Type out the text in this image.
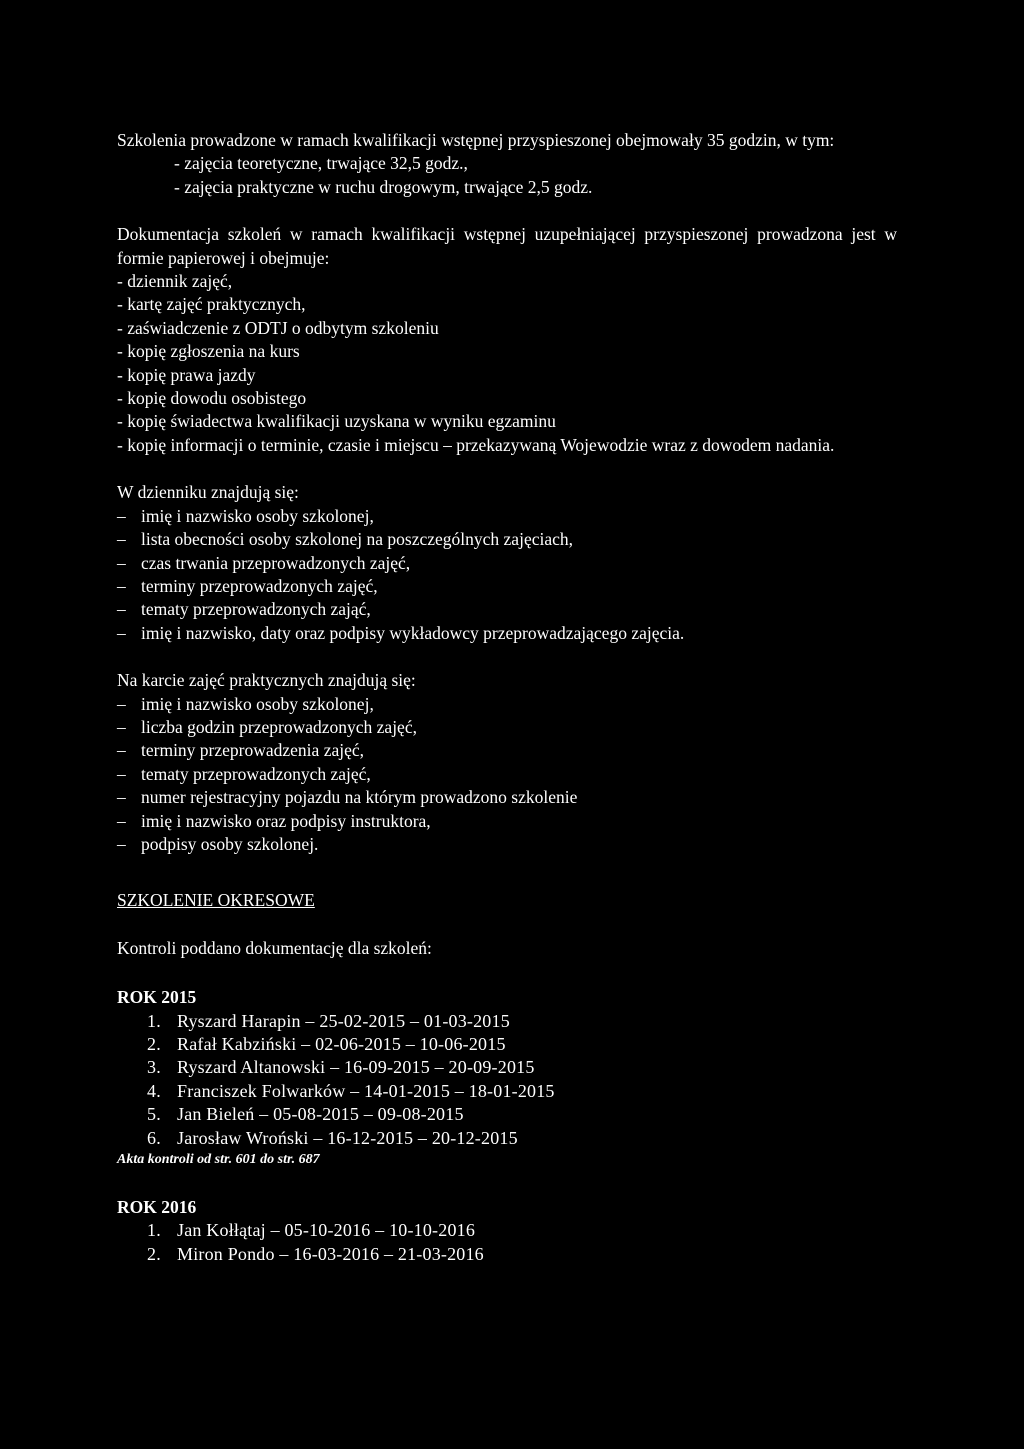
Szkolenia prowadzone w ramach kwalifikacji wstępnej przyspieszonej obejmowały 35 godzin, w tym:

- zajęcia teoretyczne, trwające 32,5 godz.,
- zajęcia praktyczne w ruchu drogowym, trwające 2,5 godz.

Dokumentacja szkoleń w ramach kwalifikacji wstępnej uzupełniającej przyspieszonej prowadzona jest w formie papierowej i obejmuje:

- dziennik zajęć,
- kartę zajęć praktycznych,
- zaświadczenie z ODTJ o odbytym szkoleniu
- kopię zgłoszenia na kurs
- kopię prawa jazdy
- kopię dowodu osobistego
- kopię świadectwa kwalifikacji uzyskana w wyniku egzaminu
- kopię informacji o terminie, czasie i miejscu – przekazywaną Wojewodzie wraz z dowodem nadania.

W dzienniku znajdują się:

– imię i nazwisko osoby szkolonej,
– lista obecności osoby szkolonej na poszczególnych zajęciach,
– czas trwania przeprowadzonych zajęć,
– terminy przeprowadzonych zajęć,
– tematy przeprowadzonych zająć,
– imię i nazwisko, daty oraz podpisy wykładowcy przeprowadzającego zajęcia.

Na karcie zajęć praktycznych znajdują się:

– imię i nazwisko osoby szkolonej,
– liczba godzin przeprowadzonych zajęć,
– terminy przeprowadzenia zajęć,
– tematy przeprowadzonych zajęć,
– numer rejestracyjny pojazdu na którym prowadzono szkolenie
– imię i nazwisko oraz podpisy instruktora,
– podpisy osoby szkolonej.

SZKOLENIE OKRESOWE

Kontroli poddano dokumentację dla szkoleń:

ROK 2015

1. Ryszard Harapin – 25-02-2015 – 01-03-2015
2. Rafał Kabziński – 02-06-2015 – 10-06-2015
3. Ryszard Altanowski – 16-09-2015 – 20-09-2015
4. Franciszek Folwarków – 14-01-2015 – 18-01-2015
5. Jan Bieleń – 05-08-2015 – 09-08-2015
6. Jarosław Wroński – 16-12-2015 – 20-12-2015

Akta kontroli od str. 601 do str. 687

ROK 2016

1. Jan Kołłątaj – 05-10-2016 – 10-10-2016
2. Miron Pondo – 16-03-2016 – 21-03-2016
